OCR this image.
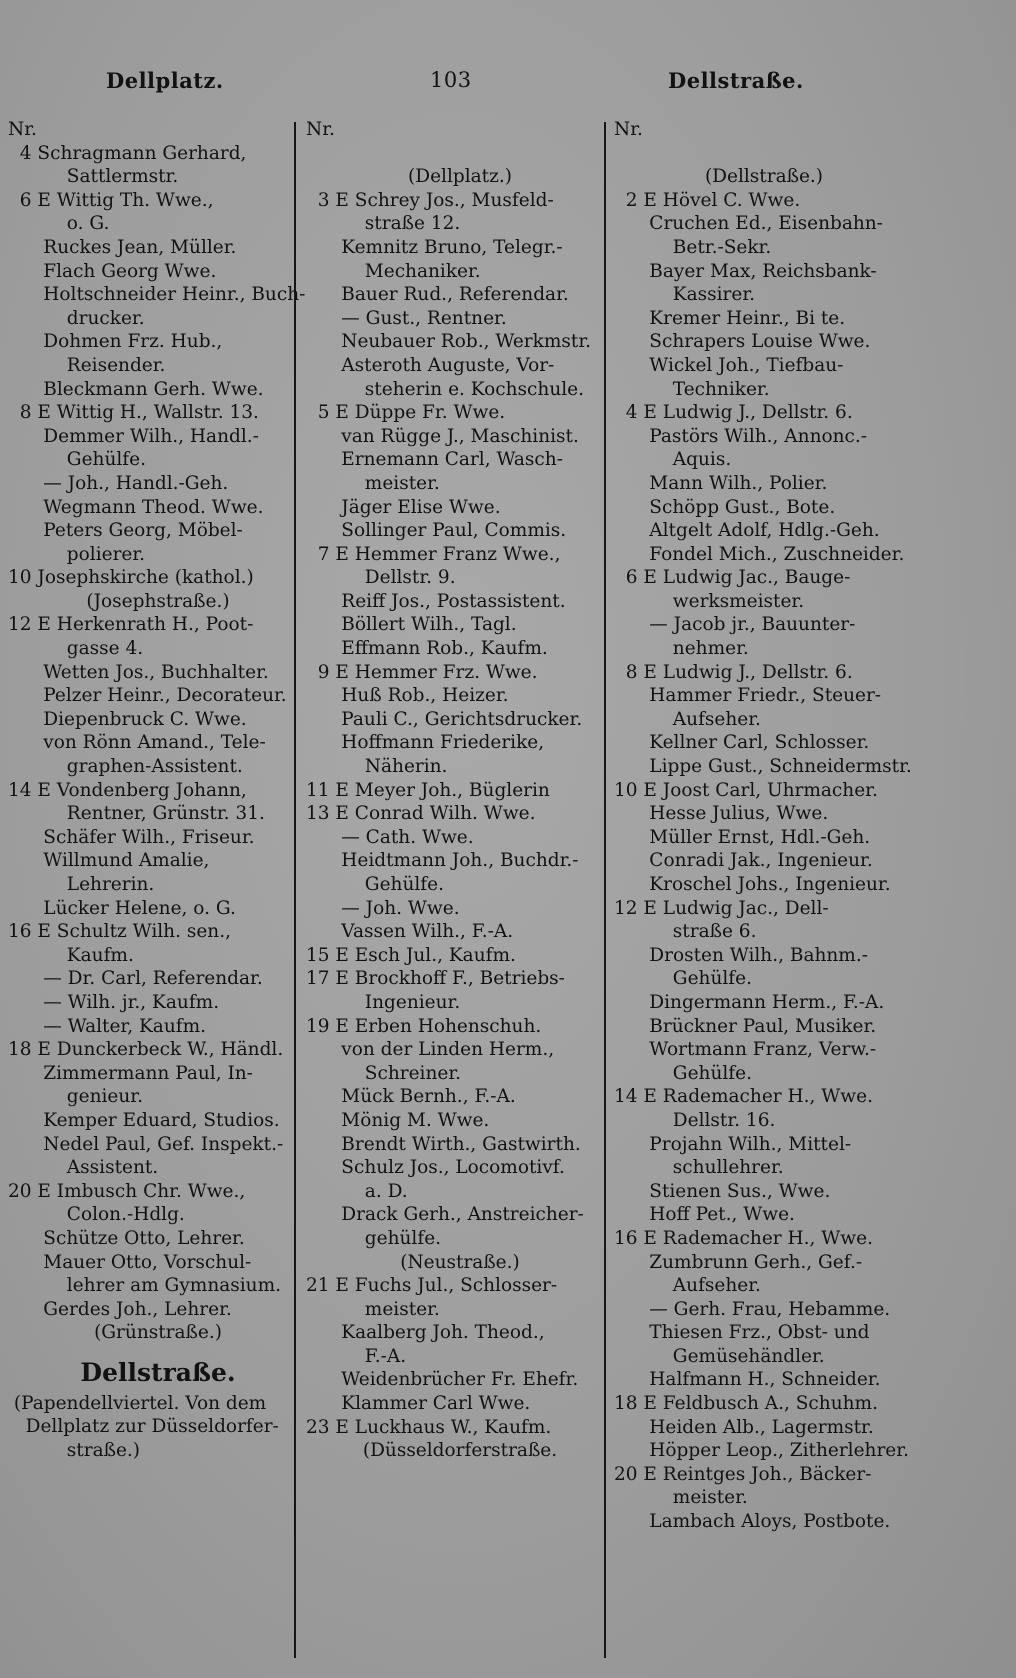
Dellplatz.	103	Dellstraße.
Nr.
4 Schragmann Gerhard,
Sattlermstr.
6 E Wittig Th. Wwe.,
o. G.
Ruckes Jean, Müller.
Flach Georg Wwe.
Holtschneider Heinr., Buch-
drucker.
Dohmen Frz. Hub.,
Reisender.
Bleckmann Gerh. Wwe.
8 E Wittig H., Wallstr. 13.
Demmer Wilh., Handl.-
Gehülfe.
— Joh., Handl.-Geh.
Wegmann Theod. Wwe.
Peters Georg, Möbel-
polierer.
10 Josephskirche (kathol.)
(Josephstraße.)
12 E Herkenrath H., Poot-
gasse 4.
Wetten Jos., Buchhalter.
Pelzer Heinr., Decorateur.
Diepenbruck C. Wwe.
von Rönn Amand., Tele-
graphen-Assistent.
14 E Vondenberg Johann,
Rentner, Grünstr. 31.
Schäfer Wilh., Friseur.
Willmund Amalie,
Lehrerin.
Lücker Helene, o. G.
16 E Schultz Wilh. sen.,
Kaufm.
— Dr. Carl, Referendar.
— Wilh. jr., Kaufm.
— Walter, Kaufm.
18 E Dunckerbeck W., Händl.
Zimmermann Paul, In-
genieur.
Kemper Eduard, Studios.
Nedel Paul, Gef. Inspekt.-
Assistent.
20 E Imbusch Chr. Wwe.,
Colon.-Hdlg.
Schütze Otto, Lehrer.
Mauer Otto, Vorschul-
lehrer am Gymnasium.
Gerdes Joh., Lehrer.
(Grünstraße.)
Dellstraße.
(Papendellviertel. Von dem
Dellplatz zur Düsseldorfer-
straße.)
Nr.
(Dellplatz.)
3 E Schrey Jos., Musfeld-
straße 12.
Kemnitz Bruno, Telegr.-
Mechaniker.
Bauer Rud., Referendar.
— Gust., Rentner.
Neubauer Rob., Werkmstr.
Asteroth Auguste, Vor-
steherin e. Kochschule.
5 E Düppe Fr. Wwe.
van Rügge J., Maschinist.
Ernemann Carl, Wasch-
meister.
Jäger Elise Wwe.
Sollinger Paul, Commis.
7 E Hemmer Franz Wwe.,
Dellstr. 9.
Reiff Jos., Postassistent.
Böllert Wilh., Tagl.
Effmann Rob., Kaufm.
9 E Hemmer Frz. Wwe.
Huß Rob., Heizer.
Pauli C., Gerichtsdrucker.
Hoffmann Friederike,
Näherin.
11 E Meyer Joh., Büglerin
13 E Conrad Wilh. Wwe.
— Cath. Wwe.
Heidtmann Joh., Buchdr.-
Gehülfe.
— Joh. Wwe.
Vassen Wilh., F.-A.
15 E Esch Jul., Kaufm.
17 E Brockhoff F., Betriebs-
Ingenieur.
19 E Erben Hohenschuh.
von der Linden Herm.,
Schreiner.
Mück Bernh., F.-A.
Mönig M. Wwe.
Brendt Wirth., Gastwirth.
Schulz Jos., Locomotivf.
a. D.
Drack Gerh., Anstreicher-
gehülfe.
(Neustraße.)
21 E Fuchs Jul., Schlosser-
meister.
Kaalberg Joh. Theod.,
F.-A.
Weidenbrücher Fr. Ehefr.
Klammer Carl Wwe.
23 E Luckhaus W., Kaufm.
(Düsseldorferstraße.
Nr.
(Dellstraße.)
2 E Hövel C. Wwe.
Cruchen Ed., Eisenbahn-
Betr.-Sekr.
Bayer Max, Reichsbank-
Kassirer.
Kremer Heinr., Bi te.
Schrapers Louise Wwe.
Wickel Joh., Tiefbau-
Techniker.
4 E Ludwig J., Dellstr. 6.
Pastörs Wilh., Annonc.-
Aquis.
Mann Wilh., Polier.
Schöpp Gust., Bote.
Altgelt Adolf, Hdlg.-Geh.
Fondel Mich., Zuschneider.
6 E Ludwig Jac., Bauge-
werksmeister.
— Jacob jr., Bauunter-
nehmer.
8 E Ludwig J., Dellstr. 6.
Hammer Friedr., Steuer-
Aufseher.
Kellner Carl, Schlosser.
Lippe Gust., Schneidermstr.
10 E Joost Carl, Uhrmacher.
Hesse Julius, Wwe.
Müller Ernst, Hdl.-Geh.
Conradi Jak., Ingenieur.
Kroschel Johs., Ingenieur.
12 E Ludwig Jac., Dell-
straße 6.
Drosten Wilh., Bahnm.-
Gehülfe.
Dingermann Herm., F.-A.
Brückner Paul, Musiker.
Wortmann Franz, Verw.-
Gehülfe.
14 E Rademacher H., Wwe.
Dellstr. 16.
Projahn Wilh., Mittel-
schullehrer.
Stienen Sus., Wwe.
Hoff Pet., Wwe.
16 E Rademacher H., Wwe.
Zumbrunn Gerh., Gef.-
Aufseher.
— Gerh. Frau, Hebamme.
Thiesen Frz., Obst- und
Gemüsehändler.
Halfmann H., Schneider.
18 E Feldbusch A., Schuhm.
Heiden Alb., Lagermstr.
Höpper Leop., Zitherlehrer.
20 E Reintges Joh., Bäcker-
meister.
Lambach Aloys, Postbote.
